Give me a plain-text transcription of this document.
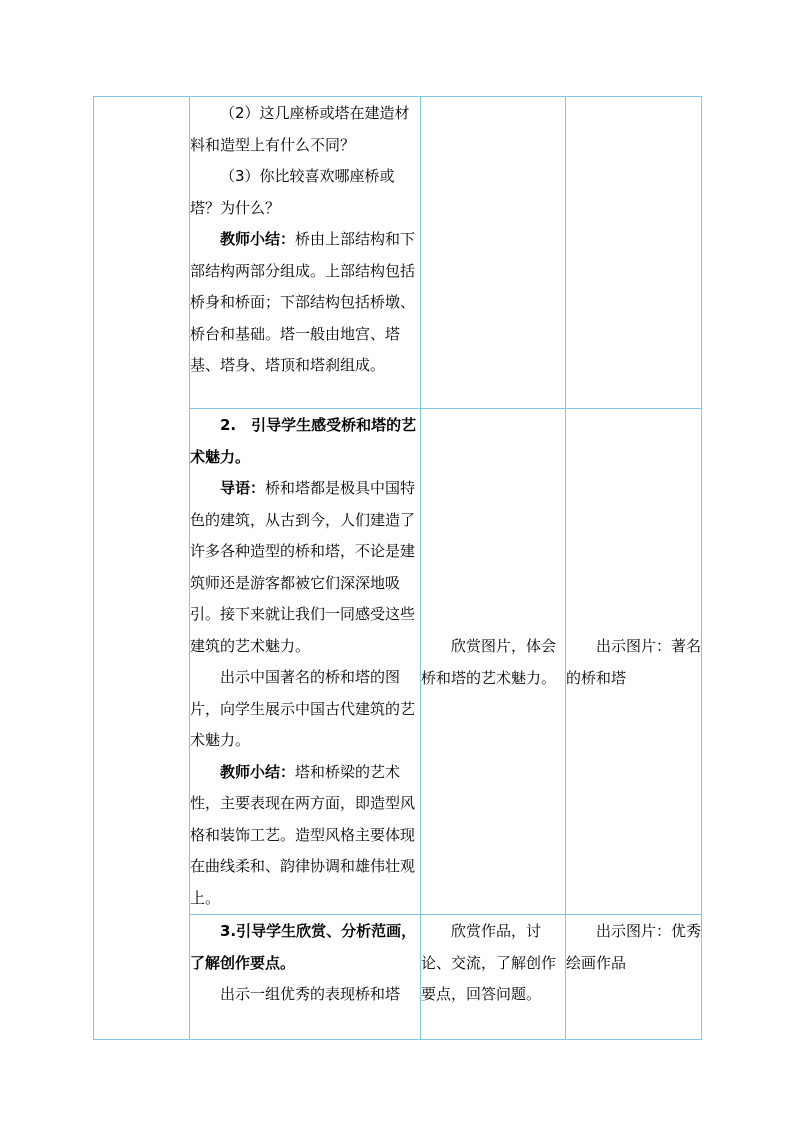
	（2）这几座桥或塔在建造材料和造型上有什么不同？

（3）你比较喜欢哪座桥或塔？为什么？

教师小结：桥由上部结构和下部结构两部分组成。上部结构包括桥身和桥面；下部结构包括桥墩、桥台和基础。塔一般由地宫、塔基、塔身、塔顶和塔刹组成。		

	2.　引导学生感受桥和塔的艺术魅力。

导语：桥和塔都是极具中国特色的建筑，从古到今，人们建造了许多各种造型的桥和塔，不论是建筑师还是游客都被它们深深地吸引。接下来就让我们一同感受这些建筑的艺术魅力。

出示中国著名的桥和塔的图片，向学生展示中国古代建筑的艺术魅力。

教师小结：塔和桥梁的艺术性，主要表现在两方面，即造型风格和装饰工艺。造型风格主要体现在曲线柔和、韵律协调和雄伟壮观上。	欣赏图片，体会桥和塔的艺术魅力。	出示图片：著名的桥和塔

	3.引导学生欣赏、分析范画，了解创作要点。

出示一组优秀的表现桥和塔	欣赏作品，讨论、交流，了解创作要点，回答问题。	出示图片：优秀绘画作品
